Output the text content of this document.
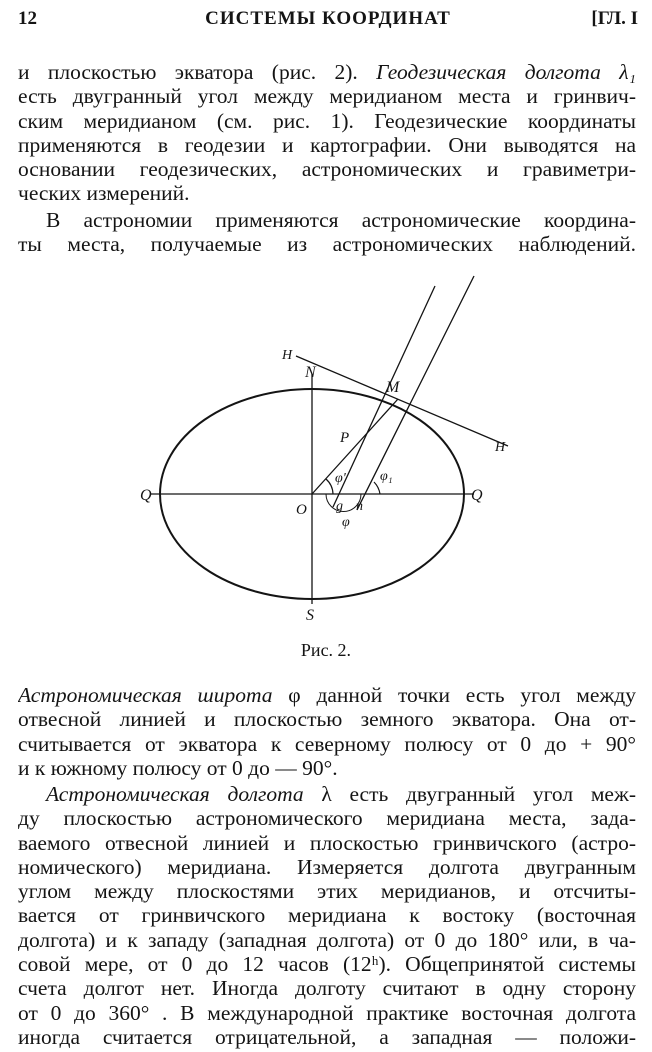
12	СИСТЕМЫ КООРДИНАТ	[ГЛ. I
и плоскостью экватора (рис. 2). Геодезическая долгота λ₁
есть двугранный угол между меридианом места и гринвич-
ским меридианом (см. рис. 1). Геодезические координаты
применяются в геодезии и картографии. Они выводятся на
основании геодезических, астрономических и гравиметри-
ческих измерений.
В астрономии применяются астрономические координа-
ты места, получаемые из астрономических наблюдений.
N
S
Q	Q
O
M
H
H
P
φ' φ₁
g n
φ
Рис. 2.
Астрономическая широта φ данной точки есть угол между
отвесной линией и плоскостью земного экватора. Она от-
считывается от экватора к северному полюсу от 0 до + 90°
и к южному полюсу от 0 до — 90°.
Астрономическая долгота λ есть двугранный угол меж-
ду плоскостью астрономического меридиана места, зада-
ваемого отвесной линией и плоскостью гринвичского (астро-
номического) меридиана. Измеряется долгота двугранным
углом между плоскостями этих меридианов, и отсчиты-
вается от гринвичского меридиана к востоку (восточная
долгота) и к западу (западная долгота) от 0 до 180° или, в ча-
совой мере, от 0 до 12 часов (12ʰ). Общепринятой системы
счета долгот нет. Иногда долготу считают в одну сторону
от 0 до 360° . В международной практике восточная долгота
иногда считается отрицательной, а западная — положи-
